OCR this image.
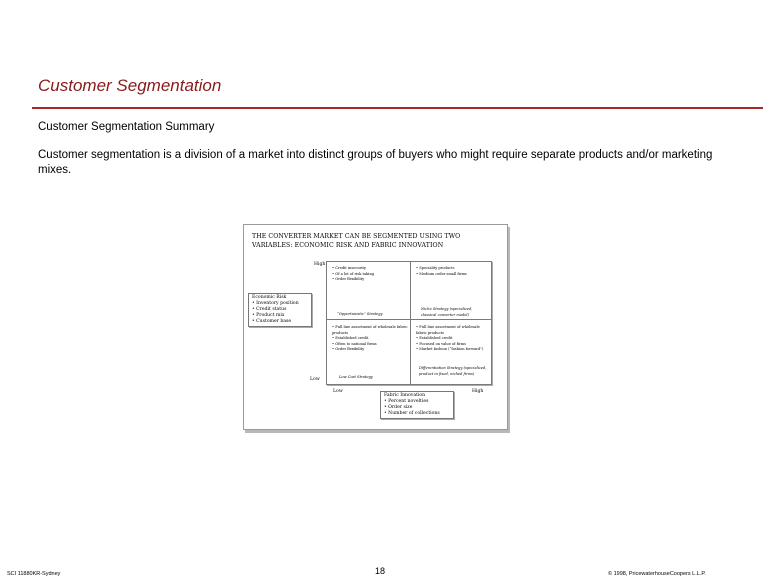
Customer Segmentation
Customer Segmentation Summary
Customer segmentation is a division of a market into distinct groups of buyers who might require separate products and/or marketing mixes.
THE CONVERTER MARKET CAN BE SEGMENTED USING TWO VARIABLES: ECONOMIC RISK AND FABRIC INNOVATION
High
Low
Low	High
• Credit insecurity
• Of a lot of risk taking
• Order flexibility
“Opportunistic” Strategy
• Speciality products
• Medium order small firms
Niche Strategy (specialized, classical converter model)
• Full line assortment of wholesale fabric products
• Established credit
• Often to national firms
• Order flexibility
Low Cost Strategy
• Full line assortment of wholesale fabric products
• Established credit
• Focused on value of firms
• Market fashion (“fashion forward”)
Differentiation Strategy (specialized, product in fixed, niched firms)
Economic Risk
• Inventory position
• Credit status
• Product mix
• Customer base
Fabric Innovation
• Percent novelties
• Order size
• Number of collections
SCI 11880KR-Sydney	18	© 1998, PricewaterhouseCoopers L.L.P.
